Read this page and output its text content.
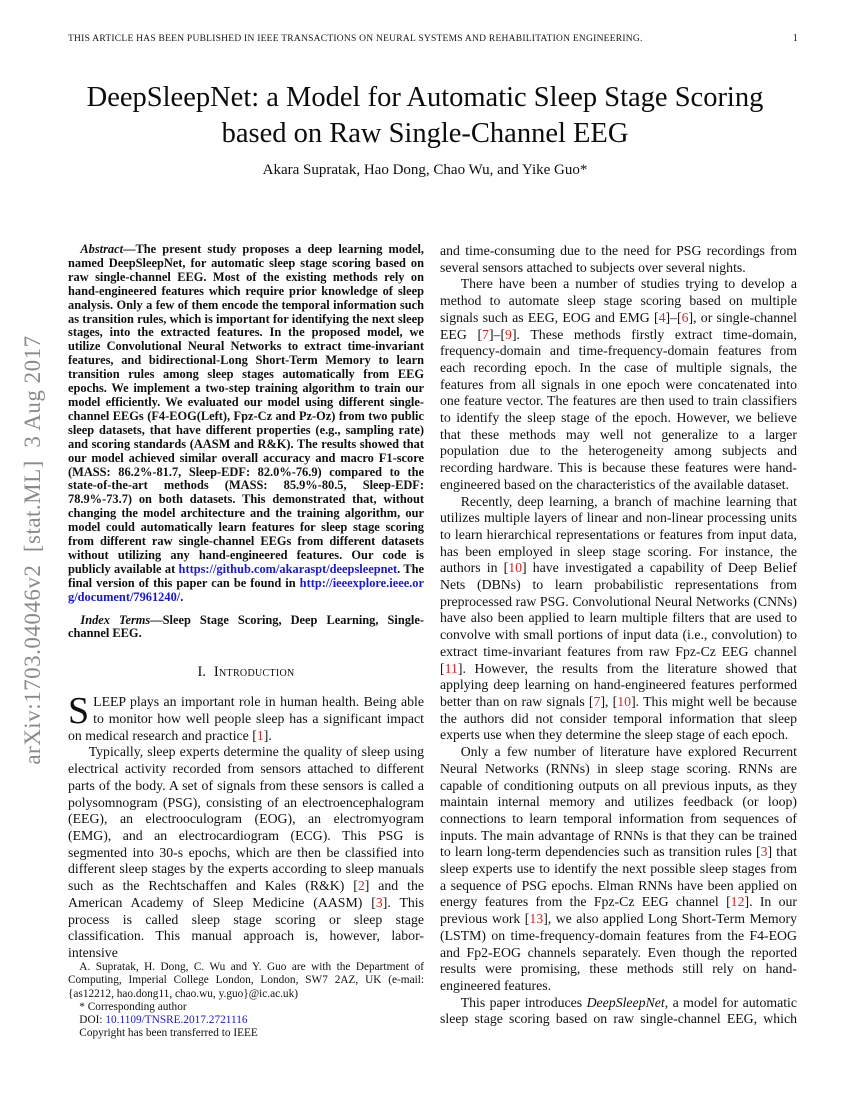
THIS ARTICLE HAS BEEN PUBLISHED IN IEEE TRANSACTIONS ON NEURAL SYSTEMS AND REHABILITATION ENGINEERING.	1
arXiv:1703.04046v2  [stat.ML]  3 Aug 2017
DeepSleepNet: a Model for Automatic Sleep Stage Scoring based on Raw Single-Channel EEG
Akara Supratak, Hao Dong, Chao Wu, and Yike Guo*

Abstract—The present study proposes a deep learning model, named DeepSleepNet, for automatic sleep stage scoring based on raw single-channel EEG. Most of the existing methods rely on hand-engineered features which require prior knowledge of sleep analysis. Only a few of them encode the temporal information such as transition rules, which is important for identifying the next sleep stages, into the extracted features. In the proposed model, we utilize Convolutional Neural Networks to extract time-invariant features, and bidirectional-Long Short-Term Memory to learn transition rules among sleep stages automatically from EEG epochs. We implement a two-step training algorithm to train our model efficiently. We evaluated our model using different single-channel EEGs (F4-EOG(Left), Fpz-Cz and Pz-Oz) from two public sleep datasets, that have different properties (e.g., sampling rate) and scoring standards (AASM and R&K). The results showed that our model achieved similar overall accuracy and macro F1-score (MASS: 86.2%-81.7, Sleep-EDF: 82.0%-76.9) compared to the state-of-the-art methods (MASS: 85.9%-80.5, Sleep-EDF: 78.9%-73.7) on both datasets. This demonstrated that, without changing the model architecture and the training algorithm, our model could automatically learn features for sleep stage scoring from different raw single-channel EEGs from different datasets without utilizing any hand-engineered features. Our code is publicly available at https://github.com/akaraspt/deepsleepnet. The final version of this paper can be found in http://ieeexplore.ieee.org/document/7961240/.

Index Terms—Sleep Stage Scoring, Deep Learning, Single-channel EEG.

I. Introduction

SLEEP plays an important role in human health. Being able to monitor how well people sleep has a significant impact on medical research and practice [1].

Typically, sleep experts determine the quality of sleep using electrical activity recorded from sensors attached to different parts of the body. A set of signals from these sensors is called a polysomnogram (PSG), consisting of an electroencephalogram (EEG), an electrooculogram (EOG), an electromyogram (EMG), and an electrocardiogram (ECG). This PSG is segmented into 30-s epochs, which are then be classified into different sleep stages by the experts according to sleep manuals such as the Rechtschaffen and Kales (R&K) [2] and the American Academy of Sleep Medicine (AASM) [3]. This process is called sleep stage scoring or sleep stage classification. This manual approach is, however, labor-intensive

A. Supratak, H. Dong, C. Wu and Y. Guo are with the Department of Computing, Imperial College London, London, SW7 2AZ, UK (e-mail: {as12212, hao.dong11, chao.wu, y.guo}@ic.ac.uk)

* Corresponding author
DOI: 10.1109/TNSRE.2017.2721116
Copyright has been transferred to IEEE

and time-consuming due to the need for PSG recordings from several sensors attached to subjects over several nights.

There have been a number of studies trying to develop a method to automate sleep stage scoring based on multiple signals such as EEG, EOG and EMG [4]–[6], or single-channel EEG [7]–[9]. These methods firstly extract time-domain, frequency-domain and time-frequency-domain features from each recording epoch. In the case of multiple signals, the features from all signals in one epoch were concatenated into one feature vector. The features are then used to train classifiers to identify the sleep stage of the epoch. However, we believe that these methods may well not generalize to a larger population due to the heterogeneity among subjects and recording hardware. This is because these features were hand-engineered based on the characteristics of the available dataset.

Recently, deep learning, a branch of machine learning that utilizes multiple layers of linear and non-linear processing units to learn hierarchical representations or features from input data, has been employed in sleep stage scoring. For instance, the authors in [10] have investigated a capability of Deep Belief Nets (DBNs) to learn probabilistic representations from preprocessed raw PSG. Convolutional Neural Networks (CNNs) have also been applied to learn multiple filters that are used to convolve with small portions of input data (i.e., convolution) to extract time-invariant features from raw Fpz-Cz EEG channel [11]. However, the results from the literature showed that applying deep learning on hand-engineered features performed better than on raw signals [7], [10]. This might well be because the authors did not consider temporal information that sleep experts use when they determine the sleep stage of each epoch.

Only a few number of literature have explored Recurrent Neural Networks (RNNs) in sleep stage scoring. RNNs are capable of conditioning outputs on all previous inputs, as they maintain internal memory and utilizes feedback (or loop) connections to learn temporal information from sequences of inputs. The main advantage of RNNs is that they can be trained to learn long-term dependencies such as transition rules [3] that sleep experts use to identify the next possible sleep stages from a sequence of PSG epochs. Elman RNNs have been applied on energy features from the Fpz-Cz EEG channel [12]. In our previous work [13], we also applied Long Short-Term Memory (LSTM) on time-frequency-domain features from the F4-EOG and Fp2-EOG channels separately. Even though the reported results were promising, these methods still rely on hand-engineered features.

This paper introduces DeepSleepNet, a model for automatic sleep stage scoring based on raw single-channel EEG, which
